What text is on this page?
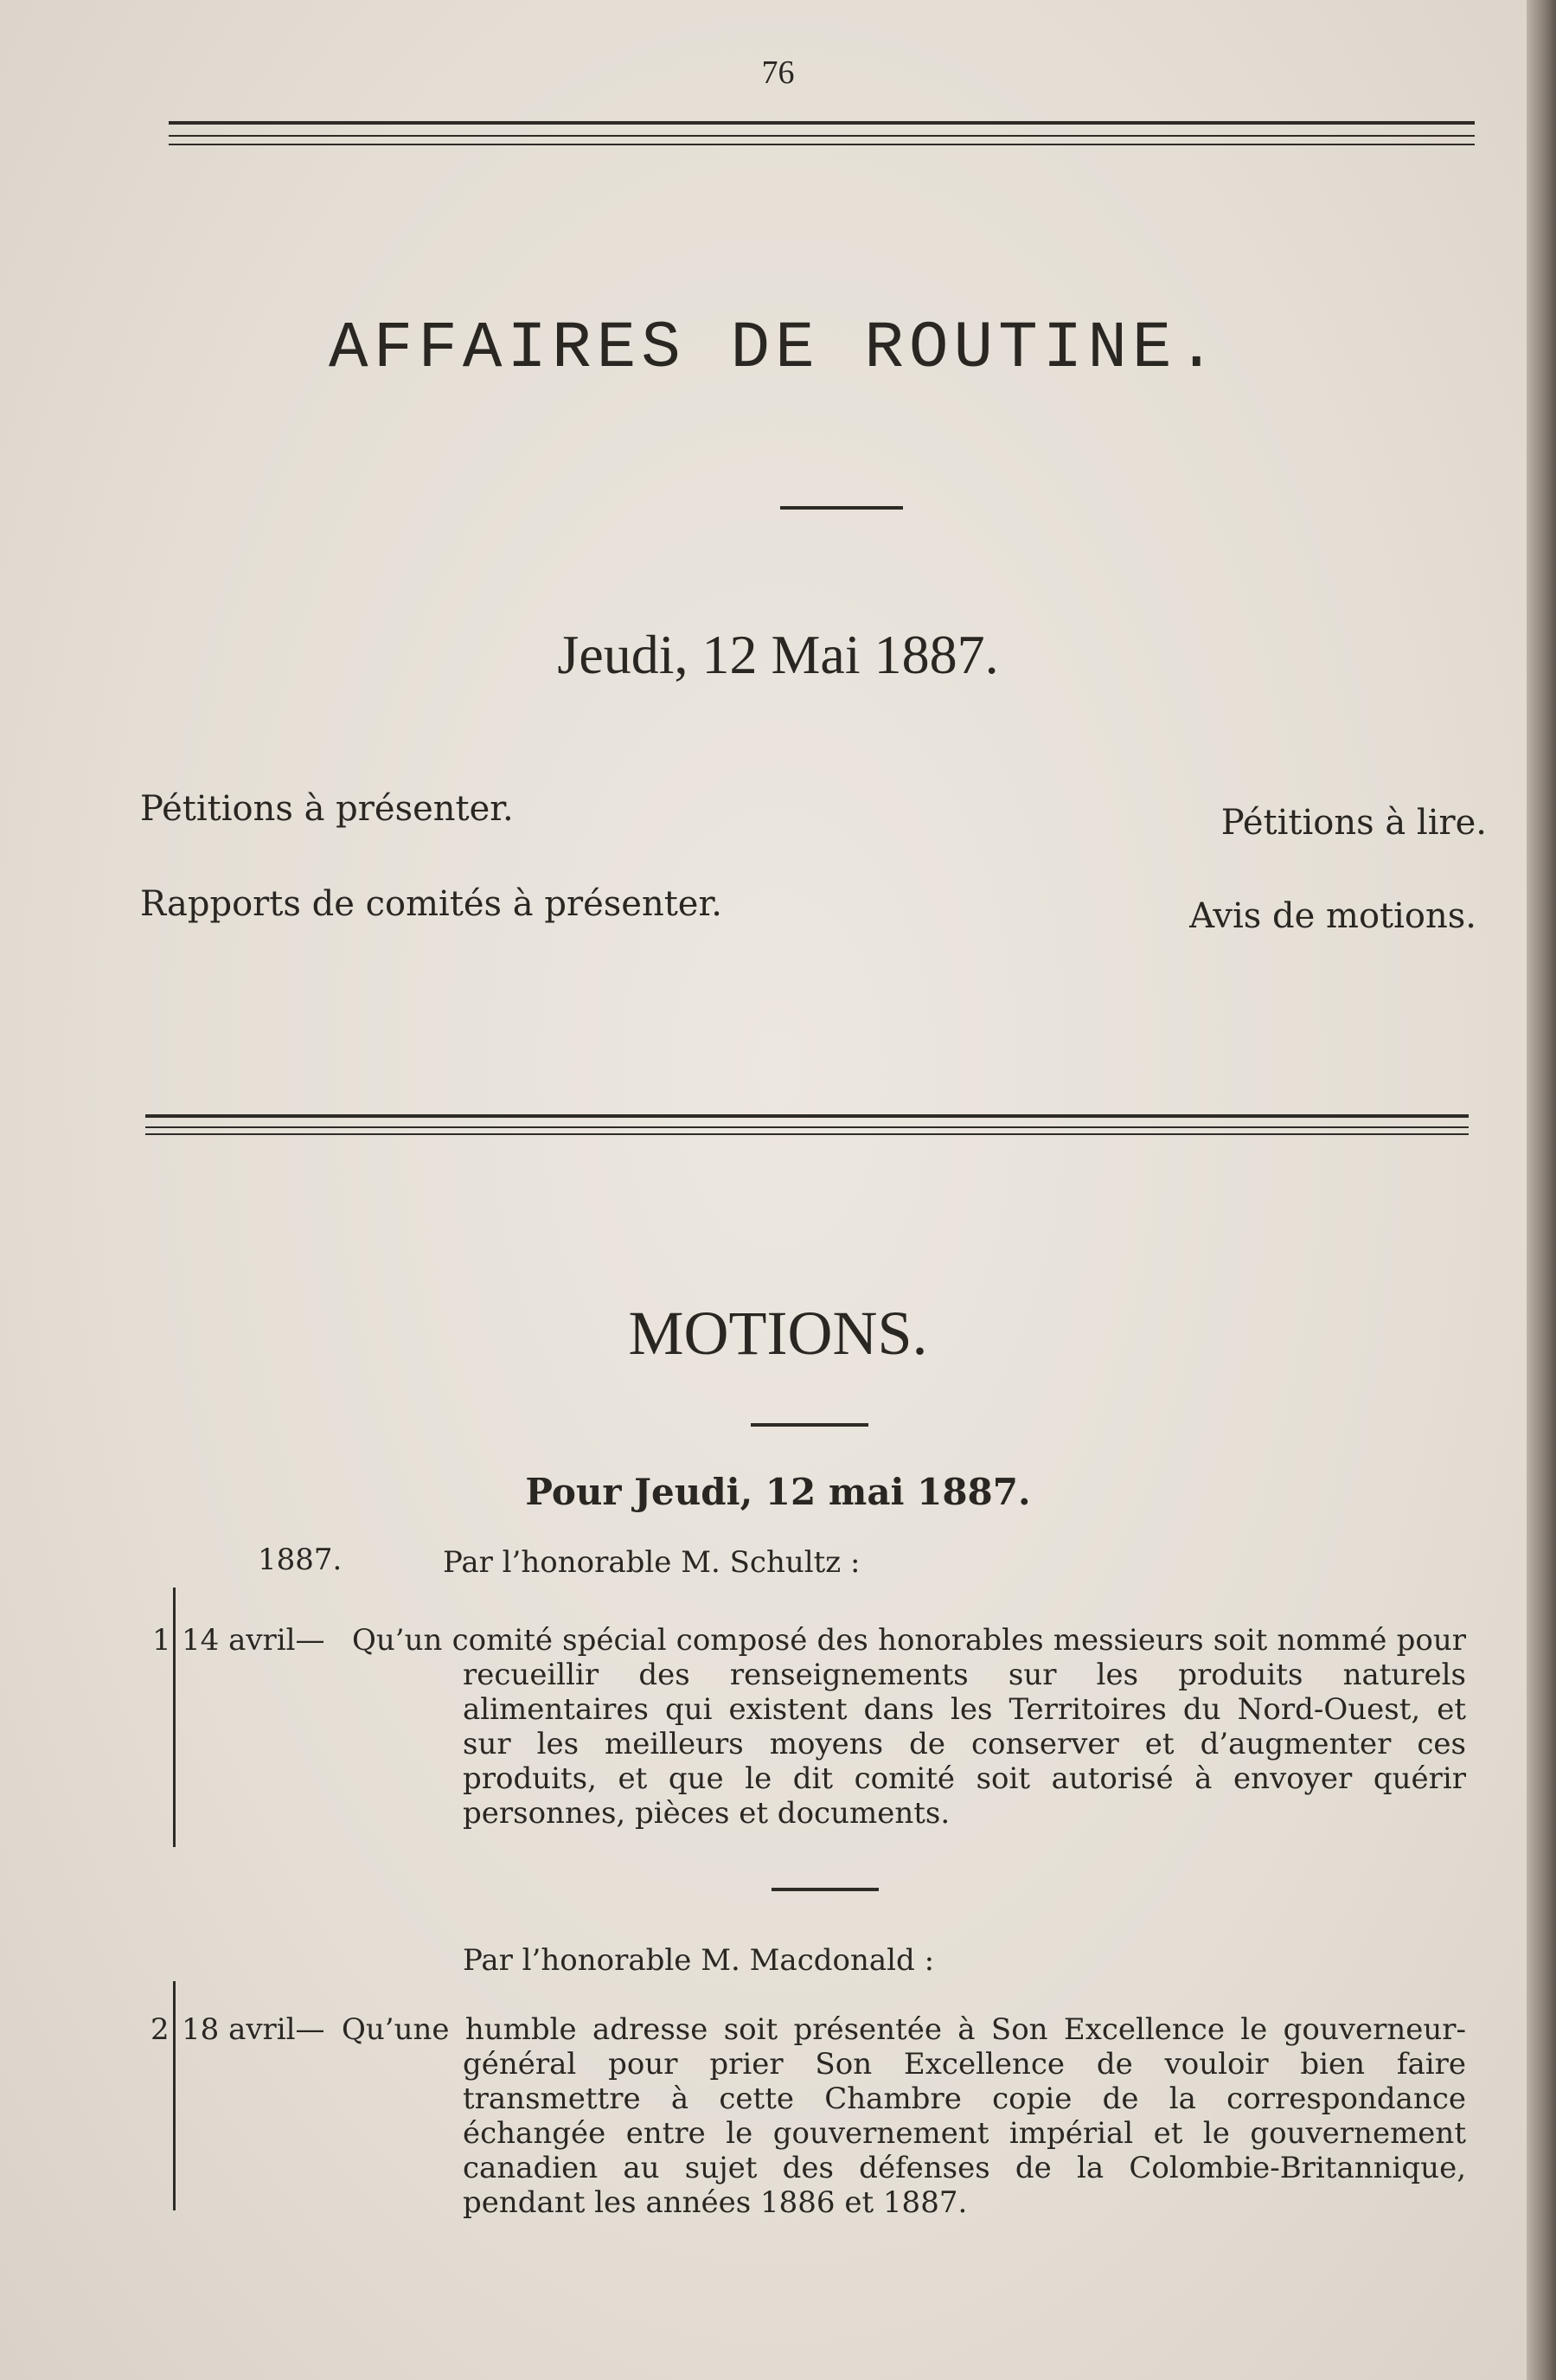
76
AFFAIRES DE ROUTINE.
Jeudi, 12 Mai 1887.
Pétitions à présenter.
Rapports de comités à présenter.
Pétitions à lire.
Avis de motions.
MOTIONS.
Pour Jeudi, 12 mai 1887.
1887.	Par l’honorable M. Schultz :
1 14 avril— Qu’un comité spécial composé des honorables messieurs soit nommé pour recueillir des renseignements sur les produits naturels alimentaires qui existent dans les Territoires du Nord-Ouest, et sur les meilleurs moyens de conserver et d’augmenter ces produits, et que le dit comité soit autorisé à envoyer quérir personnes, pièces et documents.
Par l’honorable M. Macdonald :
2 18 avril— Qu’une humble adresse soit présentée à Son Excellence le gouverneur-général pour prier Son Excellence de vouloir bien faire transmettre à cette Chambre copie de la correspondance échangée entre le gouvernement impérial et le gouvernement canadien au sujet des défenses de la Colombie-Britannique, pendant les années 1886 et 1887.
